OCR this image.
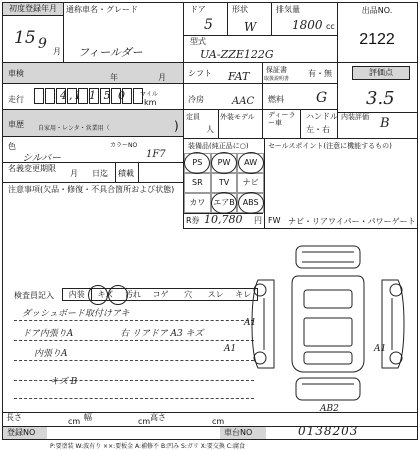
初度登録年月	通称車名・グレード
15 9 月 フィールダー
ドア	形状	排気量
5	W	1800 cc
型式
UA-ZZE122G
出品NO.
2122
車検	年	月
走行	4,1 1 5 0 マイル
km
車歴 自家用・レンタ・営業用（	)
色
シルバー
カラーNO
1F7
名義変更期限
月 日迄 積載
注意事項(欠品・修復・不具合箇所および状態)
シフト FAT 保証書
取扱説明書
有・無
冷房	AAC 燃料 G
定員
人
外装モデル ディーラー車
ハンドル
左・右
評価点
3.5
内装評価 B
装備品(純正品に○)
PS	PW	AW
SR	TV	ナビ
カワ エアB ABS
R券 10,780 円
セールスポイント(注意に機能するもの)
FW ナビ・リアワイパー・パワーゲート
検査員記入	内装	キズ	汚れ	コゲ	穴	スレ	キレ
ダッシュボード取付けアキ
ドア内張りA	右 リアドア A3 キズ
内張りA
キズ B
A1
A1	A1
AB2
長さ	cm 幅	cm 高さ	cm
登録NO	車台NO	0138203
P:要塗装 W:波有り ××:要板金 A:補修不 B:凹み S:ガリ X:要交換 C:腐食
